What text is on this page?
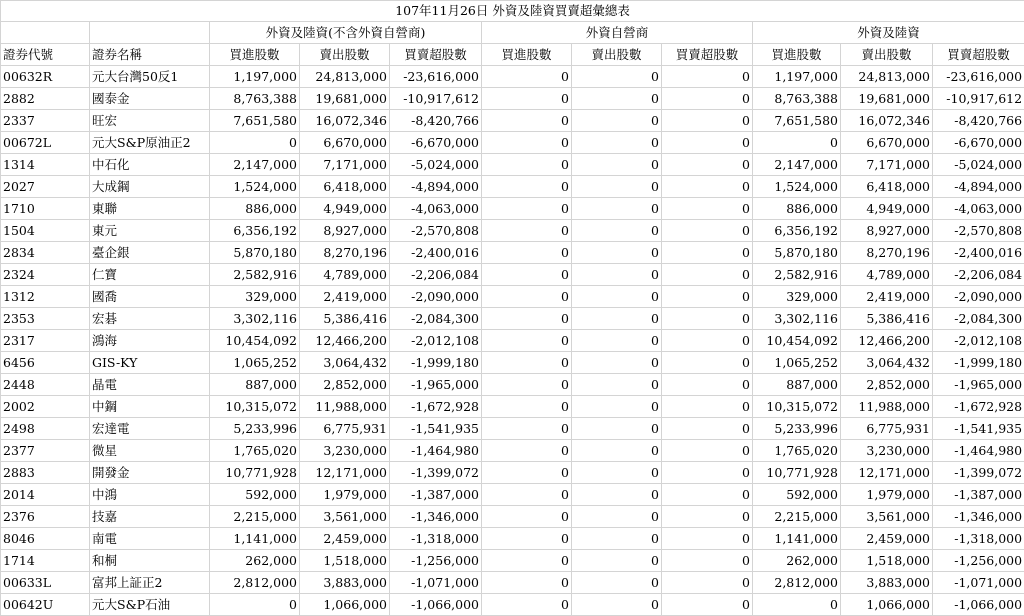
107年11月26日 外資及陸資買賣超彙總表										
		外資及陸資(不含外資自營商)			外資自營商			外資及陸資		
證券代號	證券名稱	買進股數	賣出股數	買賣超股數	買進股數	賣出股數	買賣超股數	買進股數	賣出股數	買賣超股數
00632R	元大台灣50反1	1,197,000	24,813,000	-23,616,000	0	0	0	1,197,000	24,813,000	-23,616,000
2882	國泰金	8,763,388	19,681,000	-10,917,612	0	0	0	8,763,388	19,681,000	-10,917,612
2337	旺宏	7,651,580	16,072,346	-8,420,766	0	0	0	7,651,580	16,072,346	-8,420,766
00672L	元大S&P原油正2	0	6,670,000	-6,670,000	0	0	0	0	6,670,000	-6,670,000
1314	中石化	2,147,000	7,171,000	-5,024,000	0	0	0	2,147,000	7,171,000	-5,024,000
2027	大成鋼	1,524,000	6,418,000	-4,894,000	0	0	0	1,524,000	6,418,000	-4,894,000
1710	東聯	886,000	4,949,000	-4,063,000	0	0	0	886,000	4,949,000	-4,063,000
1504	東元	6,356,192	8,927,000	-2,570,808	0	0	0	6,356,192	8,927,000	-2,570,808
2834	臺企銀	5,870,180	8,270,196	-2,400,016	0	0	0	5,870,180	8,270,196	-2,400,016
2324	仁寶	2,582,916	4,789,000	-2,206,084	0	0	0	2,582,916	4,789,000	-2,206,084
1312	國喬	329,000	2,419,000	-2,090,000	0	0	0	329,000	2,419,000	-2,090,000
2353	宏碁	3,302,116	5,386,416	-2,084,300	0	0	0	3,302,116	5,386,416	-2,084,300
2317	鴻海	10,454,092	12,466,200	-2,012,108	0	0	0	10,454,092	12,466,200	-2,012,108
6456	GIS-KY	1,065,252	3,064,432	-1,999,180	0	0	0	1,065,252	3,064,432	-1,999,180
2448	晶電	887,000	2,852,000	-1,965,000	0	0	0	887,000	2,852,000	-1,965,000
2002	中鋼	10,315,072	11,988,000	-1,672,928	0	0	0	10,315,072	11,988,000	-1,672,928
2498	宏達電	5,233,996	6,775,931	-1,541,935	0	0	0	5,233,996	6,775,931	-1,541,935
2377	微星	1,765,020	3,230,000	-1,464,980	0	0	0	1,765,020	3,230,000	-1,464,980
2883	開發金	10,771,928	12,171,000	-1,399,072	0	0	0	10,771,928	12,171,000	-1,399,072
2014	中鴻	592,000	1,979,000	-1,387,000	0	0	0	592,000	1,979,000	-1,387,000
2376	技嘉	2,215,000	3,561,000	-1,346,000	0	0	0	2,215,000	3,561,000	-1,346,000
8046	南電	1,141,000	2,459,000	-1,318,000	0	0	0	1,141,000	2,459,000	-1,318,000
1714	和桐	262,000	1,518,000	-1,256,000	0	0	0	262,000	1,518,000	-1,256,000
00633L	富邦上証正2	2,812,000	3,883,000	-1,071,000	0	0	0	2,812,000	3,883,000	-1,071,000
00642U	元大S&P石油	0	1,066,000	-1,066,000	0	0	0	0	1,066,000	-1,066,000
